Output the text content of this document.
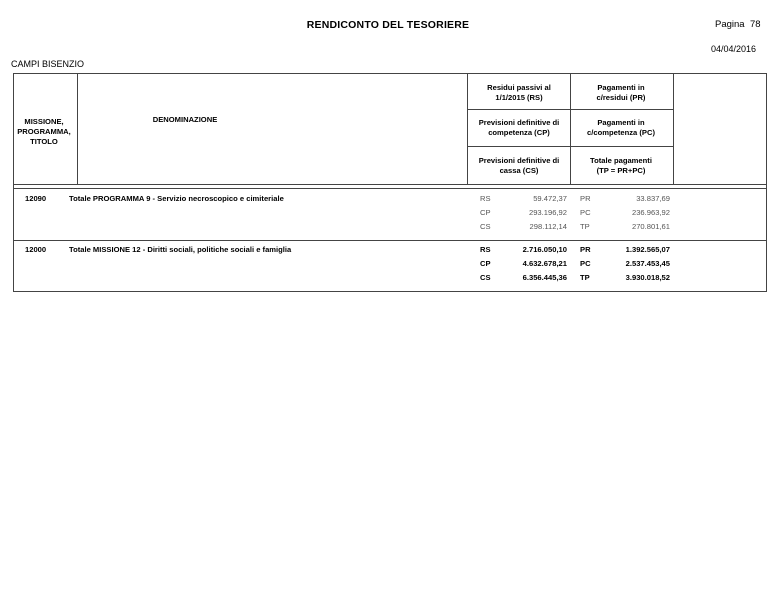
RENDICONTO DEL TESORIERE	Pagina 78
04/04/2016
CAMPI BISENZIO
MISSIONE,
PROGRAMMA,
TITOLO
DENOMINAZIONE
Residui passivi al
1/1/2015 (RS)
Pagamenti in
c/residui (PR)
Previsioni definitive di
competenza (CP)
Pagamenti in
c/competenza (PC)
Previsioni definitive di
cassa (CS)
Totale pagamenti
(TP = PR+PC)
12090	Totale PROGRAMMA 9 - Servizio necroscopico e cimiteriale	RS	59.472,37 PR	33.837,69
CP	293.196,92 PC	236.963,92
CS	298.112,14 TP	270.801,61
12000	Totale MISSIONE 12 - Diritti sociali, politiche sociali e famiglia	RS	2.716.050,10 PR	1.392.565,07
CP	4.632.678,21 PC	2.537.453,45
CS	6.356.445,36 TP	3.930.018,52
